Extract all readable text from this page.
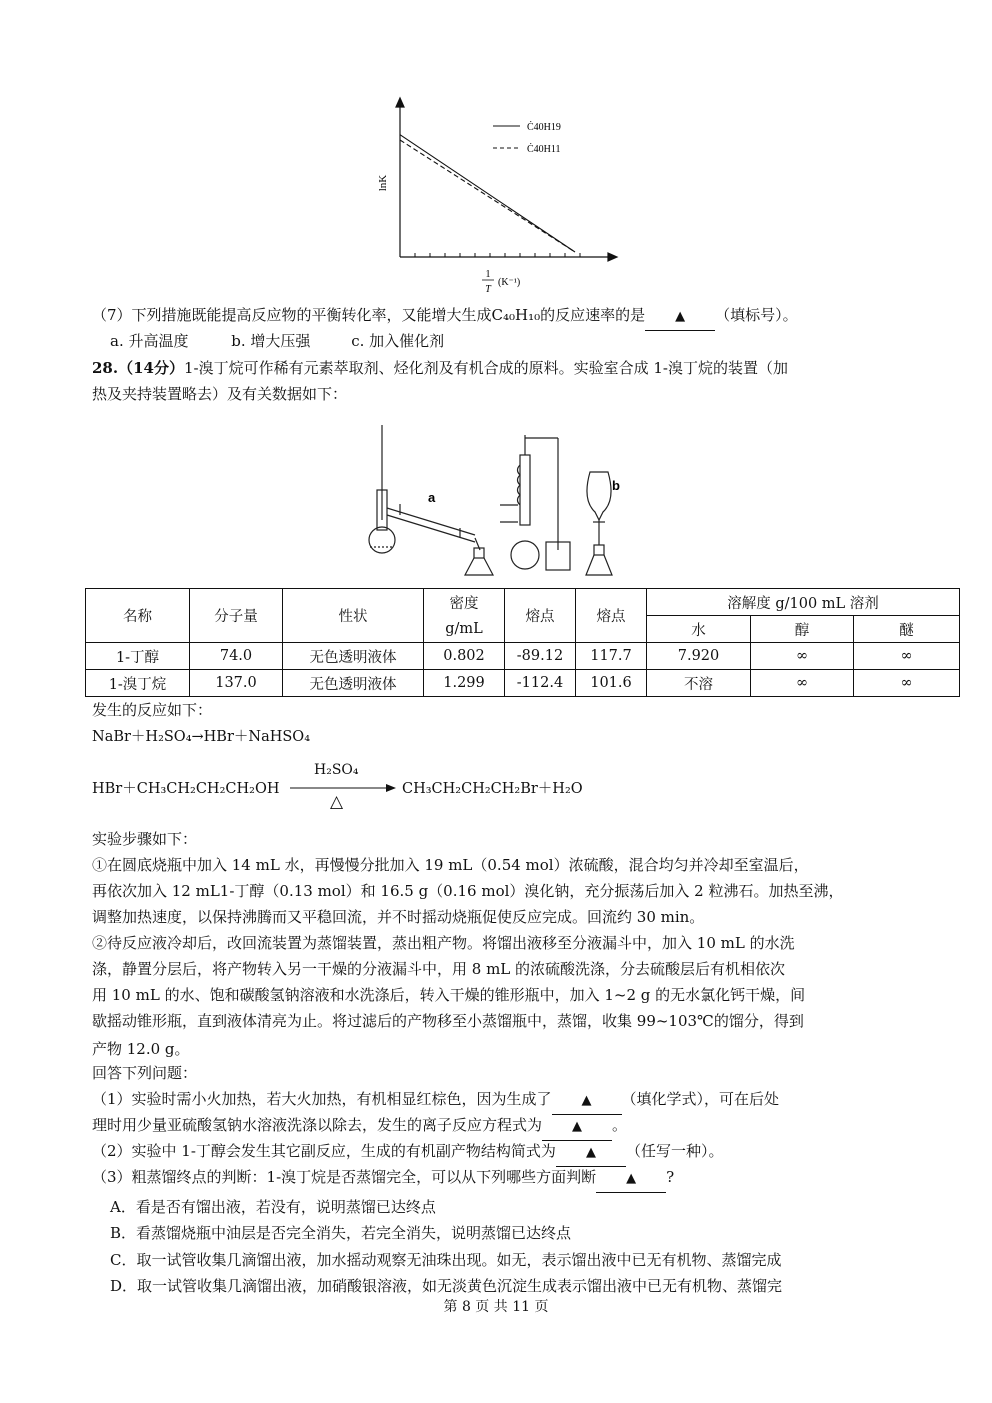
lnK
Ċ40H19
Ċ40H11
1
T
(K⁻¹)
（7）下列措施既能提高反应物的平衡转化率，又能增大生成C₄₀H₁₀的反应速率的是 ▲ （填标号）。
a. 升高温度	b. 增大压强	c. 加入催化剂
28.（14分）1-溴丁烷可作稀有元素萃取剂、烃化剂及有机合成的原料。实验室合成 1-溴丁烷的装置（加
热及夹持装置略去）及有关数据如下：
a
b
名称	分子量	性状	密度	熔点	熔点	溶解度 g/100 mL 溶剂		
			g/mL			水	醇	醚
1-丁醇	74.0	无色透明液体	0.802	-89.12	117.7	7.920	∞	∞
1-溴丁烷	137.0	无色透明液体	1.299	-112.4	101.6	不溶	∞	∞
发生的反应如下：
NaBr＋H₂SO₄→HBr＋NaHSO₄
HBr＋CH₃CH₂CH₂CH₂OH
H₂SO₄
△
CH₃CH₂CH₂CH₂Br＋H₂O
实验步骤如下：
①在圆底烧瓶中加入 14 mL 水，再慢慢分批加入 19 mL（0.54 mol）浓硫酸，混合均匀并冷却至室温后，
再依次加入 12 mL1-丁醇（0.13 mol）和 16.5 g（0.16 mol）溴化钠，充分振荡后加入 2 粒沸石。加热至沸，
调整加热速度，以保持沸腾而又平稳回流，并不时摇动烧瓶促使反应完成。回流约 30 min。
②待反应液冷却后，改回流装置为蒸馏装置，蒸出粗产物。将馏出液移至分液漏斗中，加入 10 mL 的水洗
涤，静置分层后，将产物转入另一干燥的分液漏斗中，用 8 mL 的浓硫酸洗涤，分去硫酸层后有机相依次
用 10 mL 的水、饱和碳酸氢钠溶液和水洗涤后，转入干燥的锥形瓶中，加入 1~2 g 的无水氯化钙干燥，间
歇摇动锥形瓶，直到液体清亮为止。将过滤后的产物移至小蒸馏瓶中，蒸馏，收集 99~103℃的馏分，得到
产物 12.0 g。
回答下列问题：
（1）实验时需小火加热，若大火加热，有机相显红棕色，因为生成了 ▲ （填化学式），可在后处
理时用少量亚硫酸氢钠水溶液洗涤以除去，发生的离子反应方程式为 ▲ 。
（2）实验中 1-丁醇会发生其它副反应，生成的有机副产物结构简式为 ▲ （任写一种）。
（3）粗蒸馏终点的判断：1-溴丁烷是否蒸馏完全，可以从下列哪些方面判断 ▲ ?
A．看是否有馏出液，若没有，说明蒸馏已达终点
B．看蒸馏烧瓶中油层是否完全消失，若完全消失，说明蒸馏已达终点
C．取一试管收集几滴馏出液，加水摇动观察无油珠出现。如无，表示馏出液中已无有机物、蒸馏完成
D．取一试管收集几滴馏出液，加硝酸银溶液，如无淡黄色沉淀生成表示馏出液中已无有机物、蒸馏完
第 8 页 共 11 页
